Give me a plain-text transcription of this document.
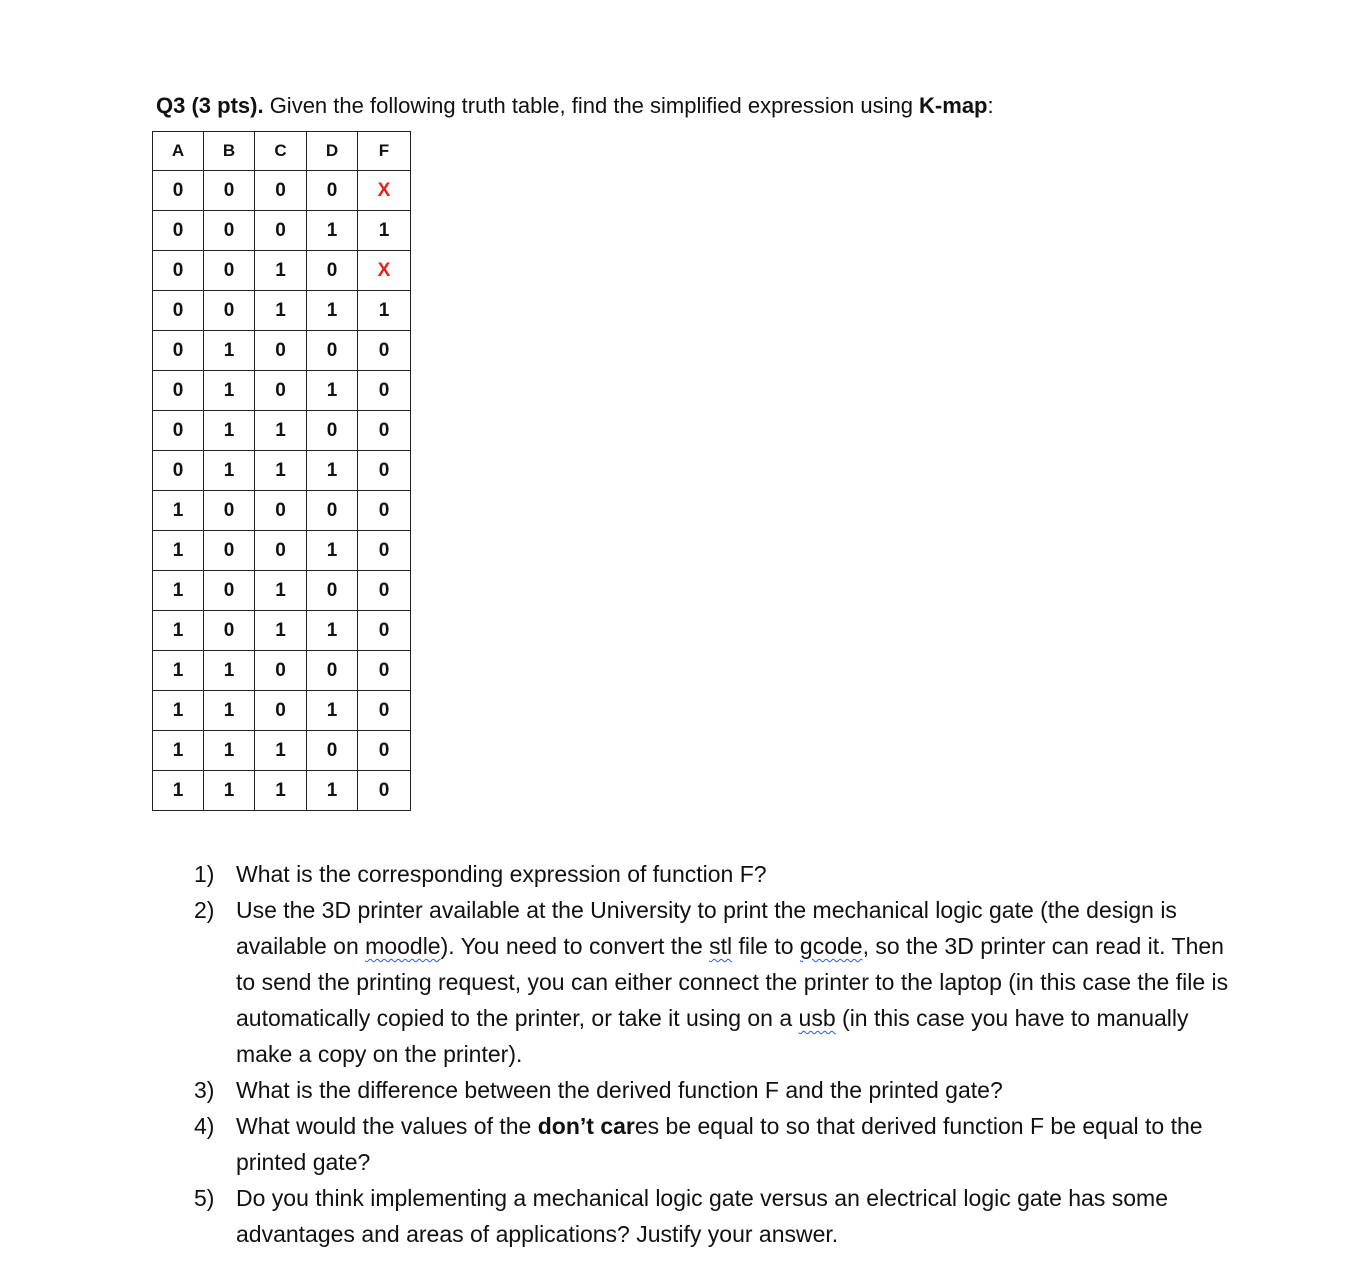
Q3 (3 pts). Given the following truth table, find the simplified expression using K-map:
A	B	C	D	F
0	0	0	0	X
0	0	0	1	1
0	0	1	0	X
0	0	1	1	1
0	1	0	0	0
0	1	0	1	0
0	1	1	0	0
0	1	1	1	0
1	0	0	0	0
1	0	0	1	0
1	0	1	0	0
1	0	1	1	0
1	1	0	0	0
1	1	0	1	0
1	1	1	0	0
1	1	1	1	0
1) What is the corresponding expression of function F?
2) Use the 3D printer available at the University to print the mechanical logic gate (the design is available on moodle). You need to convert the stl file to gcode, so the 3D printer can read it. Then to send the printing request, you can either connect the printer to the laptop (in this case the file is automatically copied to the printer, or take it using on a usb (in this case you have to manually make a copy on the printer).
3) What is the difference between the derived function F and the printed gate?
4) What would the values of the don’t cares be equal to so that derived function F be equal to the printed gate?
5) Do you think implementing a mechanical logic gate versus an electrical logic gate has some advantages and areas of applications? Justify your answer.
